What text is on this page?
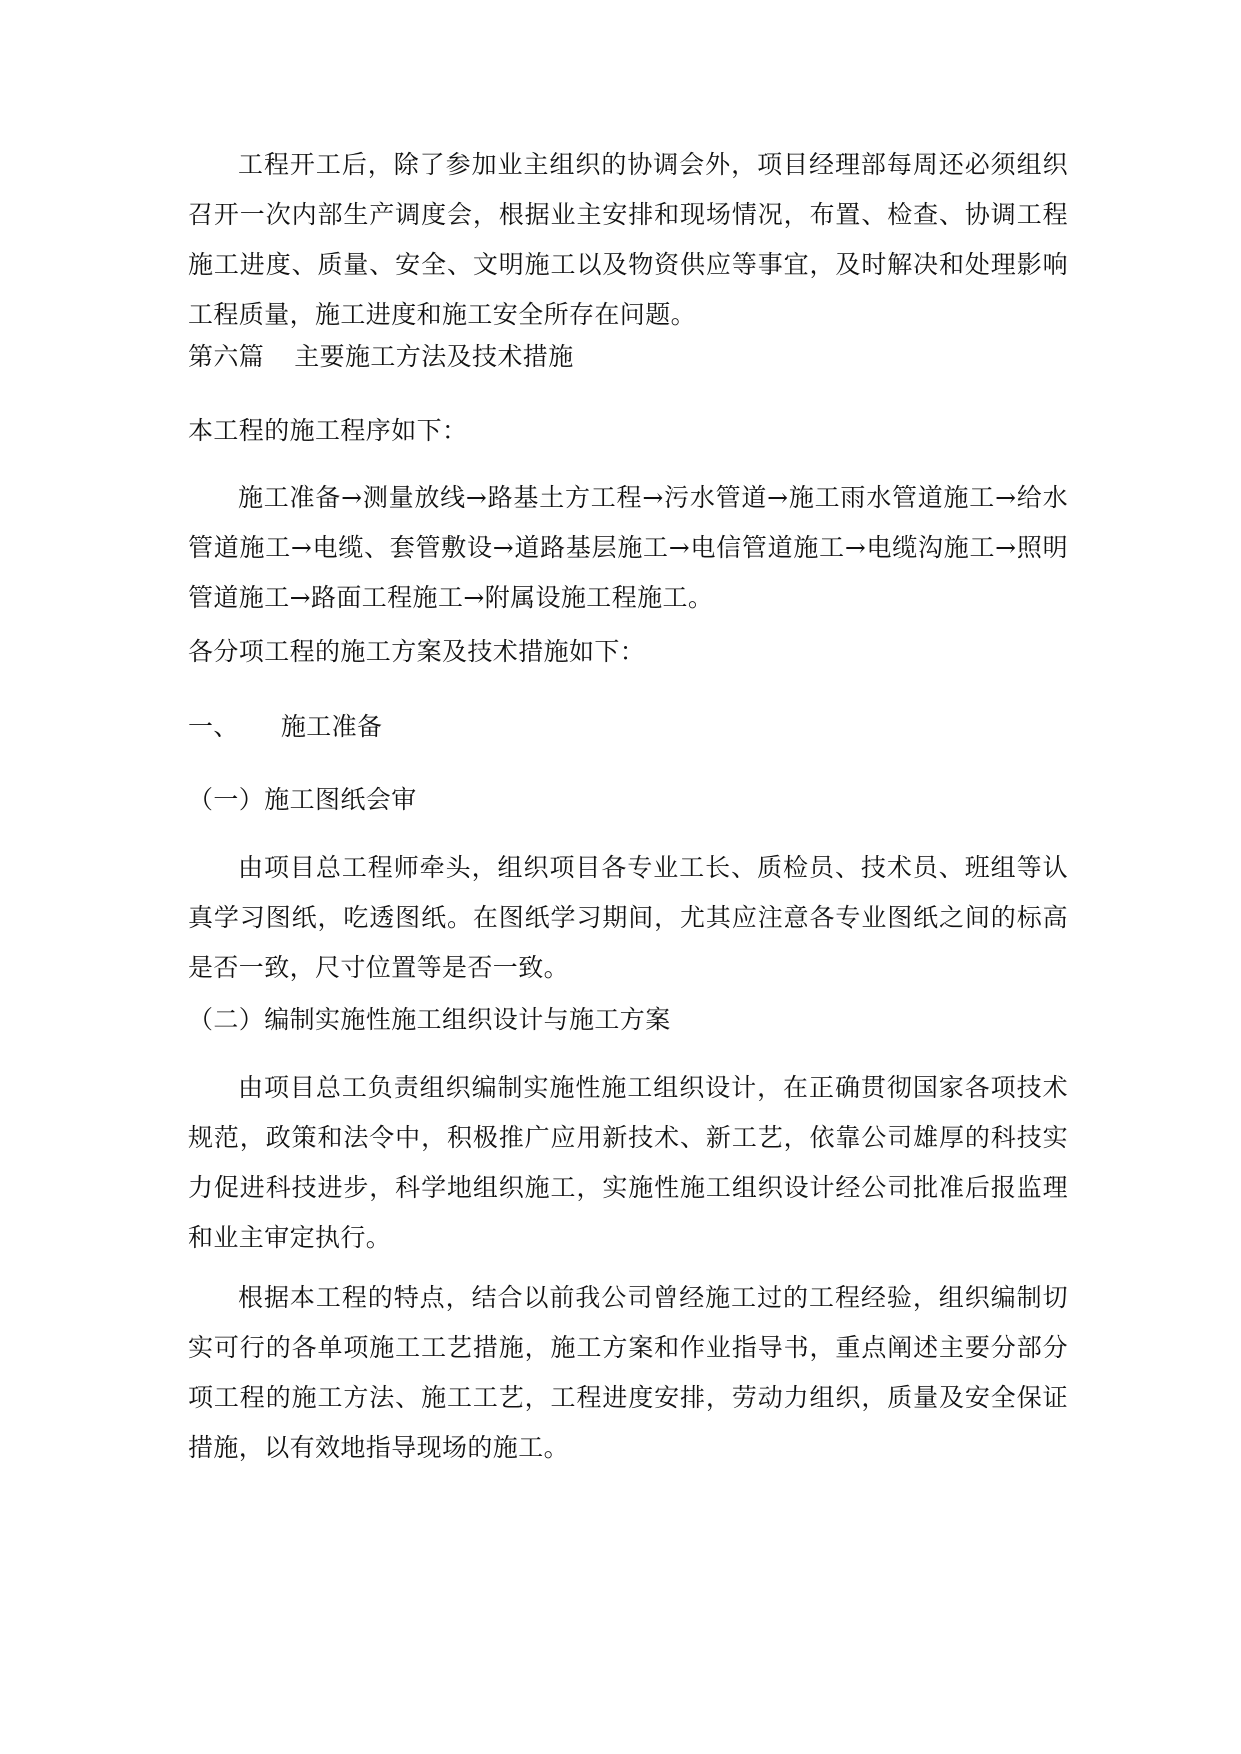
工程开工后，除了参加业主组织的协调会外，项目经理部每周还必须组织召开一次内部生产调度会，根据业主安排和现场情况，布置、检查、协调工程施工进度、质量、安全、文明施工以及物资供应等事宜，及时解决和处理影响工程质量，施工进度和施工安全所存在问题。

第六篇 主要施工方法及技术措施

本工程的施工程序如下：

施工准备→测量放线→路基土方工程→污水管道→施工雨水管道施工→给水管道施工→电缆、套管敷设→道路基层施工→电信管道施工→电缆沟施工→照明管道施工→路面工程施工→附属设施工程施工。

各分项工程的施工方案及技术措施如下：

一、 施工准备

（一）施工图纸会审

由项目总工程师牵头，组织项目各专业工长、质检员、技术员、班组等认真学习图纸，吃透图纸。在图纸学习期间，尤其应注意各专业图纸之间的标高是否一致，尺寸位置等是否一致。

（二）编制实施性施工组织设计与施工方案

由项目总工负责组织编制实施性施工组织设计，在正确贯彻国家各项技术规范，政策和法令中，积极推广应用新技术、新工艺，依靠公司雄厚的科技实力促进科技进步，科学地组织施工，实施性施工组织设计经公司批准后报监理和业主审定执行。

根据本工程的特点，结合以前我公司曾经施工过的工程经验，组织编制切实可行的各单项施工工艺措施，施工方案和作业指导书，重点阐述主要分部分项工程的施工方法、施工工艺，工程进度安排，劳动力组织，质量及安全保证措施，以有效地指导现场的施工。
